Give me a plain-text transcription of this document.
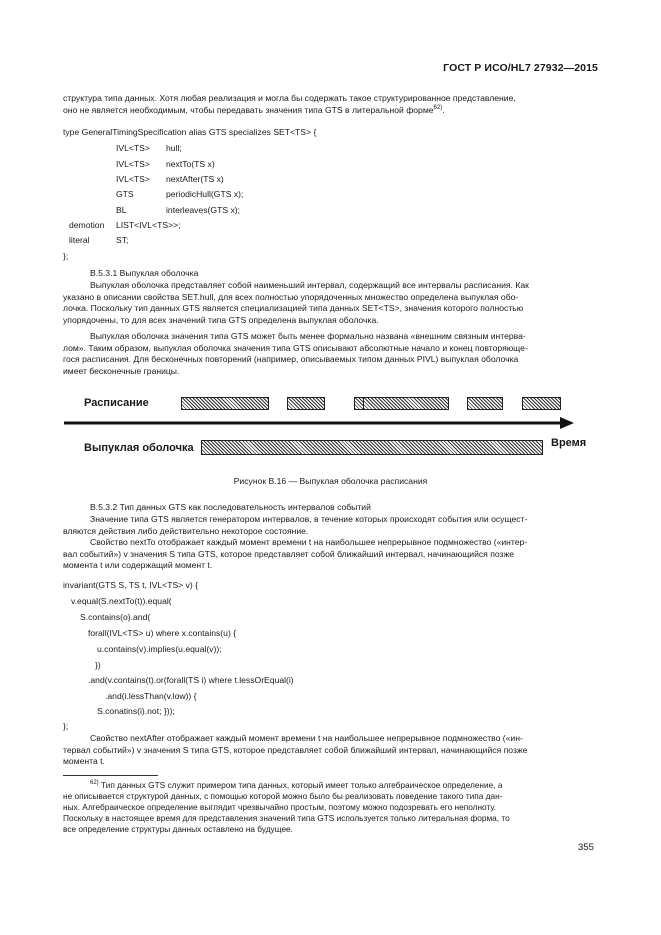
ГОСТ Р ИСО/HL7 27932—2015
структура типа данных. Хотя любая реализация и могла бы содержать такое структурированное представление,
оно не является необходимым, чтобы передавать значения типа GTS в литеральной форме$^{62)}$.
type GeneralTimingSpecification alias GTS specializes SET<TS> {
IVL<TS> hull;
IVL<TS> nextTo(TS x)
IVL<TS> nextAfter(TS x)
GTS	periodicHull(GTS x);
BL	interleaves(GTS x);
demotion LIST<IVL<TS>>;
literal	ST;
};
B.5.3.1 Выпуклая оболочка
Выпуклая оболочка представляет собой наименьший интервал, содержащий все интервалы расписания. Как
указано в описании свойства SET.hull, для всех полностью упорядоченных множество определена выпуклая обо-
лочка. Поскольку тип данных GTS является специализацией типа данных SET<TS>, значения которого полностью
упорядочены, то для всех значений типа GTS определена выпуклая оболочка.
Выпуклая оболочка значения типа GTS может быть менее формально названа «внешним связным интерва-
лом». Таким образом, выпуклая оболочка значения типа GTS описывают абсолютные начало и конец повторяюще-
гося расписания. Для бесконечных повторений (например, описываемых типом данных PIVL) выпуклая оболочка
имеет бесконечные границы.
Расписание
Время
Выпуклая оболочка
Рисунок В.16 — Выпуклая оболочка расписания
B.5.3.2 Тип данных GTS как последовательность интервалов событий
Значение типа GTS является генератором интервалов, в течение которых происходят события или осущест-
вляются действия либо действительно некоторое состояние.
Свойство nextTo отображает каждый момент времени t на наибольшее непрерывное подмножество («интер-
вал событий») v значения S типа GTS, которое представляет собой ближайший интервал, начинающийся позже
момента t или содержащий момент t.
invariant(GTS S, TS t, IVL<TS> v) {
v.equal(S.nextTo(t)).equal(
S.contains(o).and(
forall(IVL<TS> u) where x.contains(u) {
u.contains(v).implies(u.equal(v));
})
.and(v.contains(t).or(forall(TS i) where t.lessOrEqual(i)
.and(i.lessThan(v.low)) {
S.conatins(i).not; }));
};
Свойство nextAfter отображает каждый момент времени t на наибольшее непрерывное подмножество («ин-
тервал событий») v значения S типа GTS, которое представляет собой ближайший интервал, начинающийся позже
момента t.
$^{62)}$ Тип данных GTS служит примером типа данных, который имеет только алгебраическое определение, а
не описывается структурой данных, с помощью которой можно было бы реализовать поведение такого типа дан-
ных. Алгебраическое определение выглядит чрезвычайно простым, поэтому можно подозревать его неполноту.
Поскольку в настоящее время для представления значений типа GTS используется только литеральная форма, то
все определение структуры данных оставлено на будущее.
355
